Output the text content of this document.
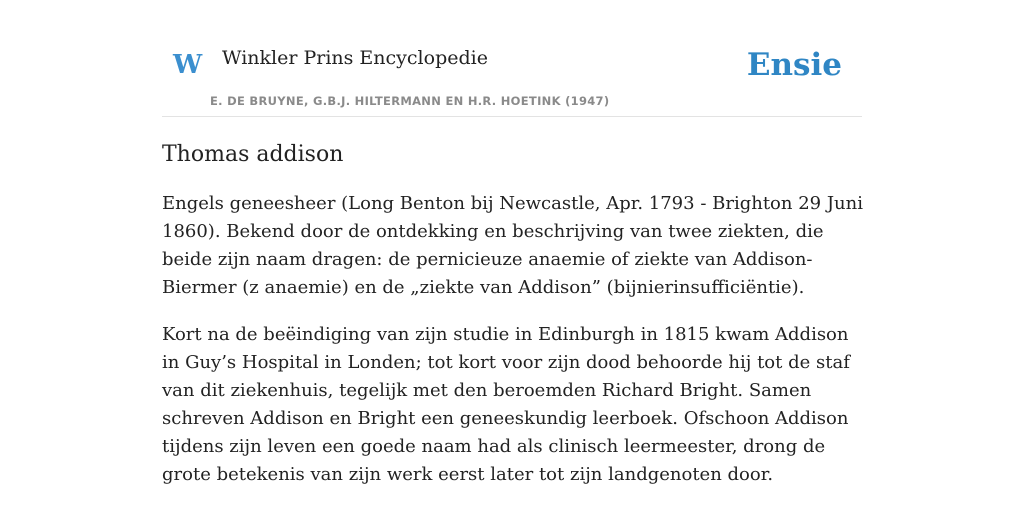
W Winkler Prins Encyclopedie
E. DE BRUYNE, G.B.J. HILTERMANN EN H.R. HOETINK (1947)
Ensie
Thomas addison

Engels geneesheer (Long Benton bij Newcastle, Apr. 1793 - Brighton 29 Juni 1860). Bekend door de ontdekking en beschrijving van twee ziekten, die beide zijn naam dragen: de pernicieuze anaemie of ziekte van Addison-Biermer (z anaemie) en de „ziekte van Addison” (bijnierinsufficiëntie).

Kort na de beëindiging van zijn studie in Edinburgh in 1815 kwam Addison in Guy’s Hospital in Londen; tot kort voor zijn dood behoorde hij tot de staf van dit ziekenhuis, tegelijk met den beroemden Richard Bright. Samen schreven Addison en Bright een geneeskundig leerboek. Ofschoon Addison tijdens zijn leven een goede naam had als clinisch leermeester, drong de grote betekenis van zijn werk eerst later tot zijn landgenoten door.
